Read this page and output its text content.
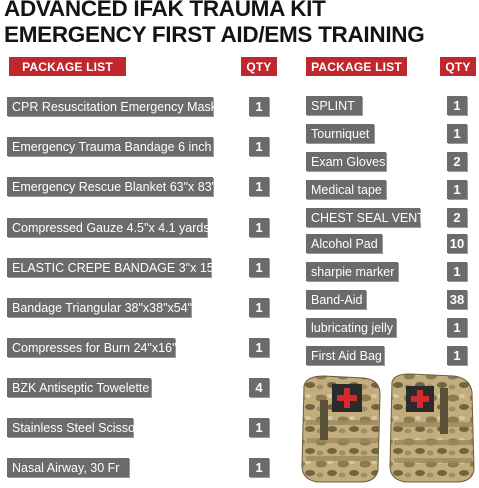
ADVANCED IFAK TRAUMA KIT
EMERGENCY FIRST AID/EMS TRAINING
PACKAGE LIST	QTY	PACKAGE LIST	QTY
CPR Resuscitation Emergency Mask	1
Emergency Trauma Bandage 6 inch	1
Emergency Rescue Blanket 63"x 83"	1
Compressed Gauze 4.5"x 4.1 yards	1
ELASTIC CREPE BANDAGE 3"x 157"	1
Bandage Triangular 38"x38"x54"	1
Compresses for Burn 24"x16"	1
BZK Antiseptic Towelette	4
Stainless Steel Scissors	1
Nasal Airway, 30 Fr	1
SPLINT	1
Tourniquet	1
Exam Gloves	2
Medical tape	1
CHEST SEAL VENTED 2
Alcohol Pad	10
sharpie marker	1
Band-Aid	38
lubricating jelly	1
First Aid Bag	1
